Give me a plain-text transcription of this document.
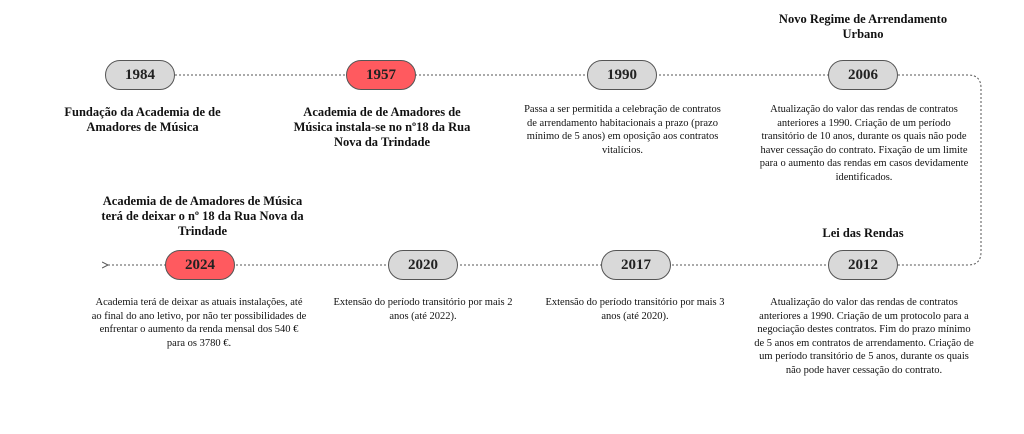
1984
Fundação da Academia de de Amadores de Música
1957
Academia de de Amadores de Música instala-se no nº18 da Rua Nova da Trindade
1990
Passa a ser permitida a celebração de contratos de arrendamento habitacionais a prazo (prazo mínimo de 5 anos) em oposição aos contratos vitalícios.
Novo Regime de Arrendamento Urbano
2006
Atualização do valor das rendas de contratos anteriores a 1990. Criação de um período transitório de 10 anos, durante os quais não pode haver cessação do contrato. Fixação de um limite para o aumento das rendas em casos devidamente identificados.
Academia de de Amadores de Música terá de deixar o nº 18 da Rua Nova da Trindade
2024
Academia terá de deixar as atuais instalações, até ao final do ano letivo, por não ter possibilidades de enfrentar o aumento da renda mensal dos 540 € para os 3780 €.
2020
Extensão do período transitório por mais 2 anos (até 2022).
2017
Extensão do período transitório por mais 3 anos (até 2020).
Lei das Rendas
2012
Atualização do valor das rendas de contratos anteriores a 1990. Criação de um protocolo para a negociação destes contratos. Fim do prazo mínimo de 5 anos em contratos de arrendamento. Criação de um período transitório de 5 anos, durante os quais não pode haver cessação do contrato.
